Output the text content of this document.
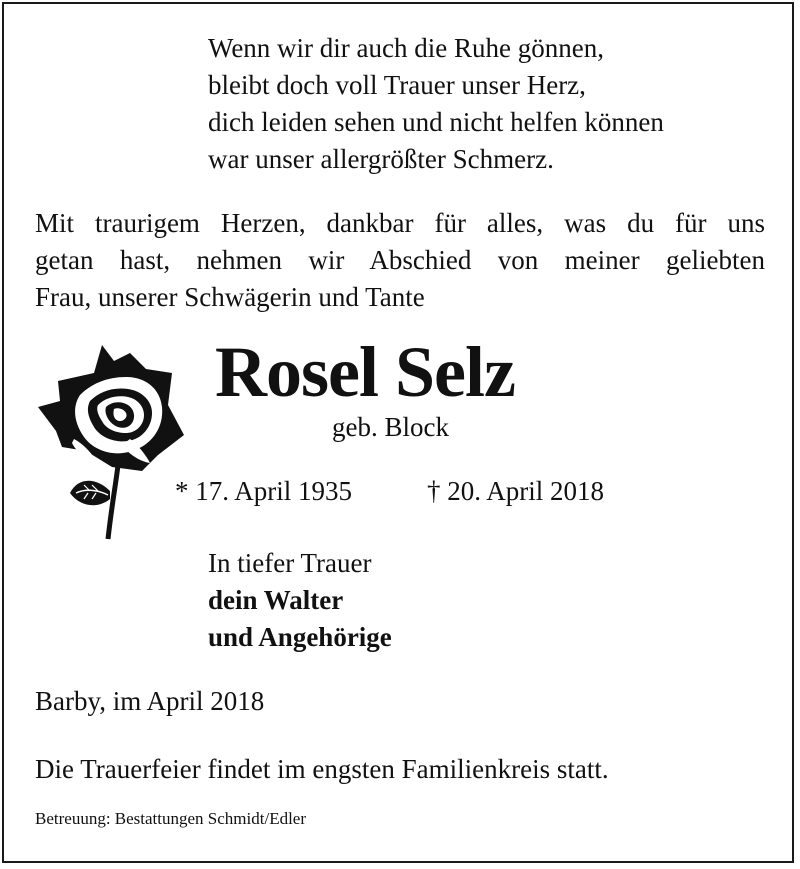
Wenn wir dir auch die Ruhe gönnen,
bleibt doch voll Trauer unser Herz,
dich leiden sehen und nicht helfen können
war unser allergrößter Schmerz.
Mit traurigem Herzen, dankbar für alles, was du für uns
getan hast, nehmen wir Abschied von meiner geliebten
Frau, unserer Schwägerin und Tante
Rosel Selz
geb. Block
* 17. April 1935	† 20. April 2018
In tiefer Trauer
dein Walter
und Angehörige
Barby, im April 2018
Die Trauerfeier findet im engsten Familienkreis statt.
Betreuung: Bestattungen Schmidt/Edler
